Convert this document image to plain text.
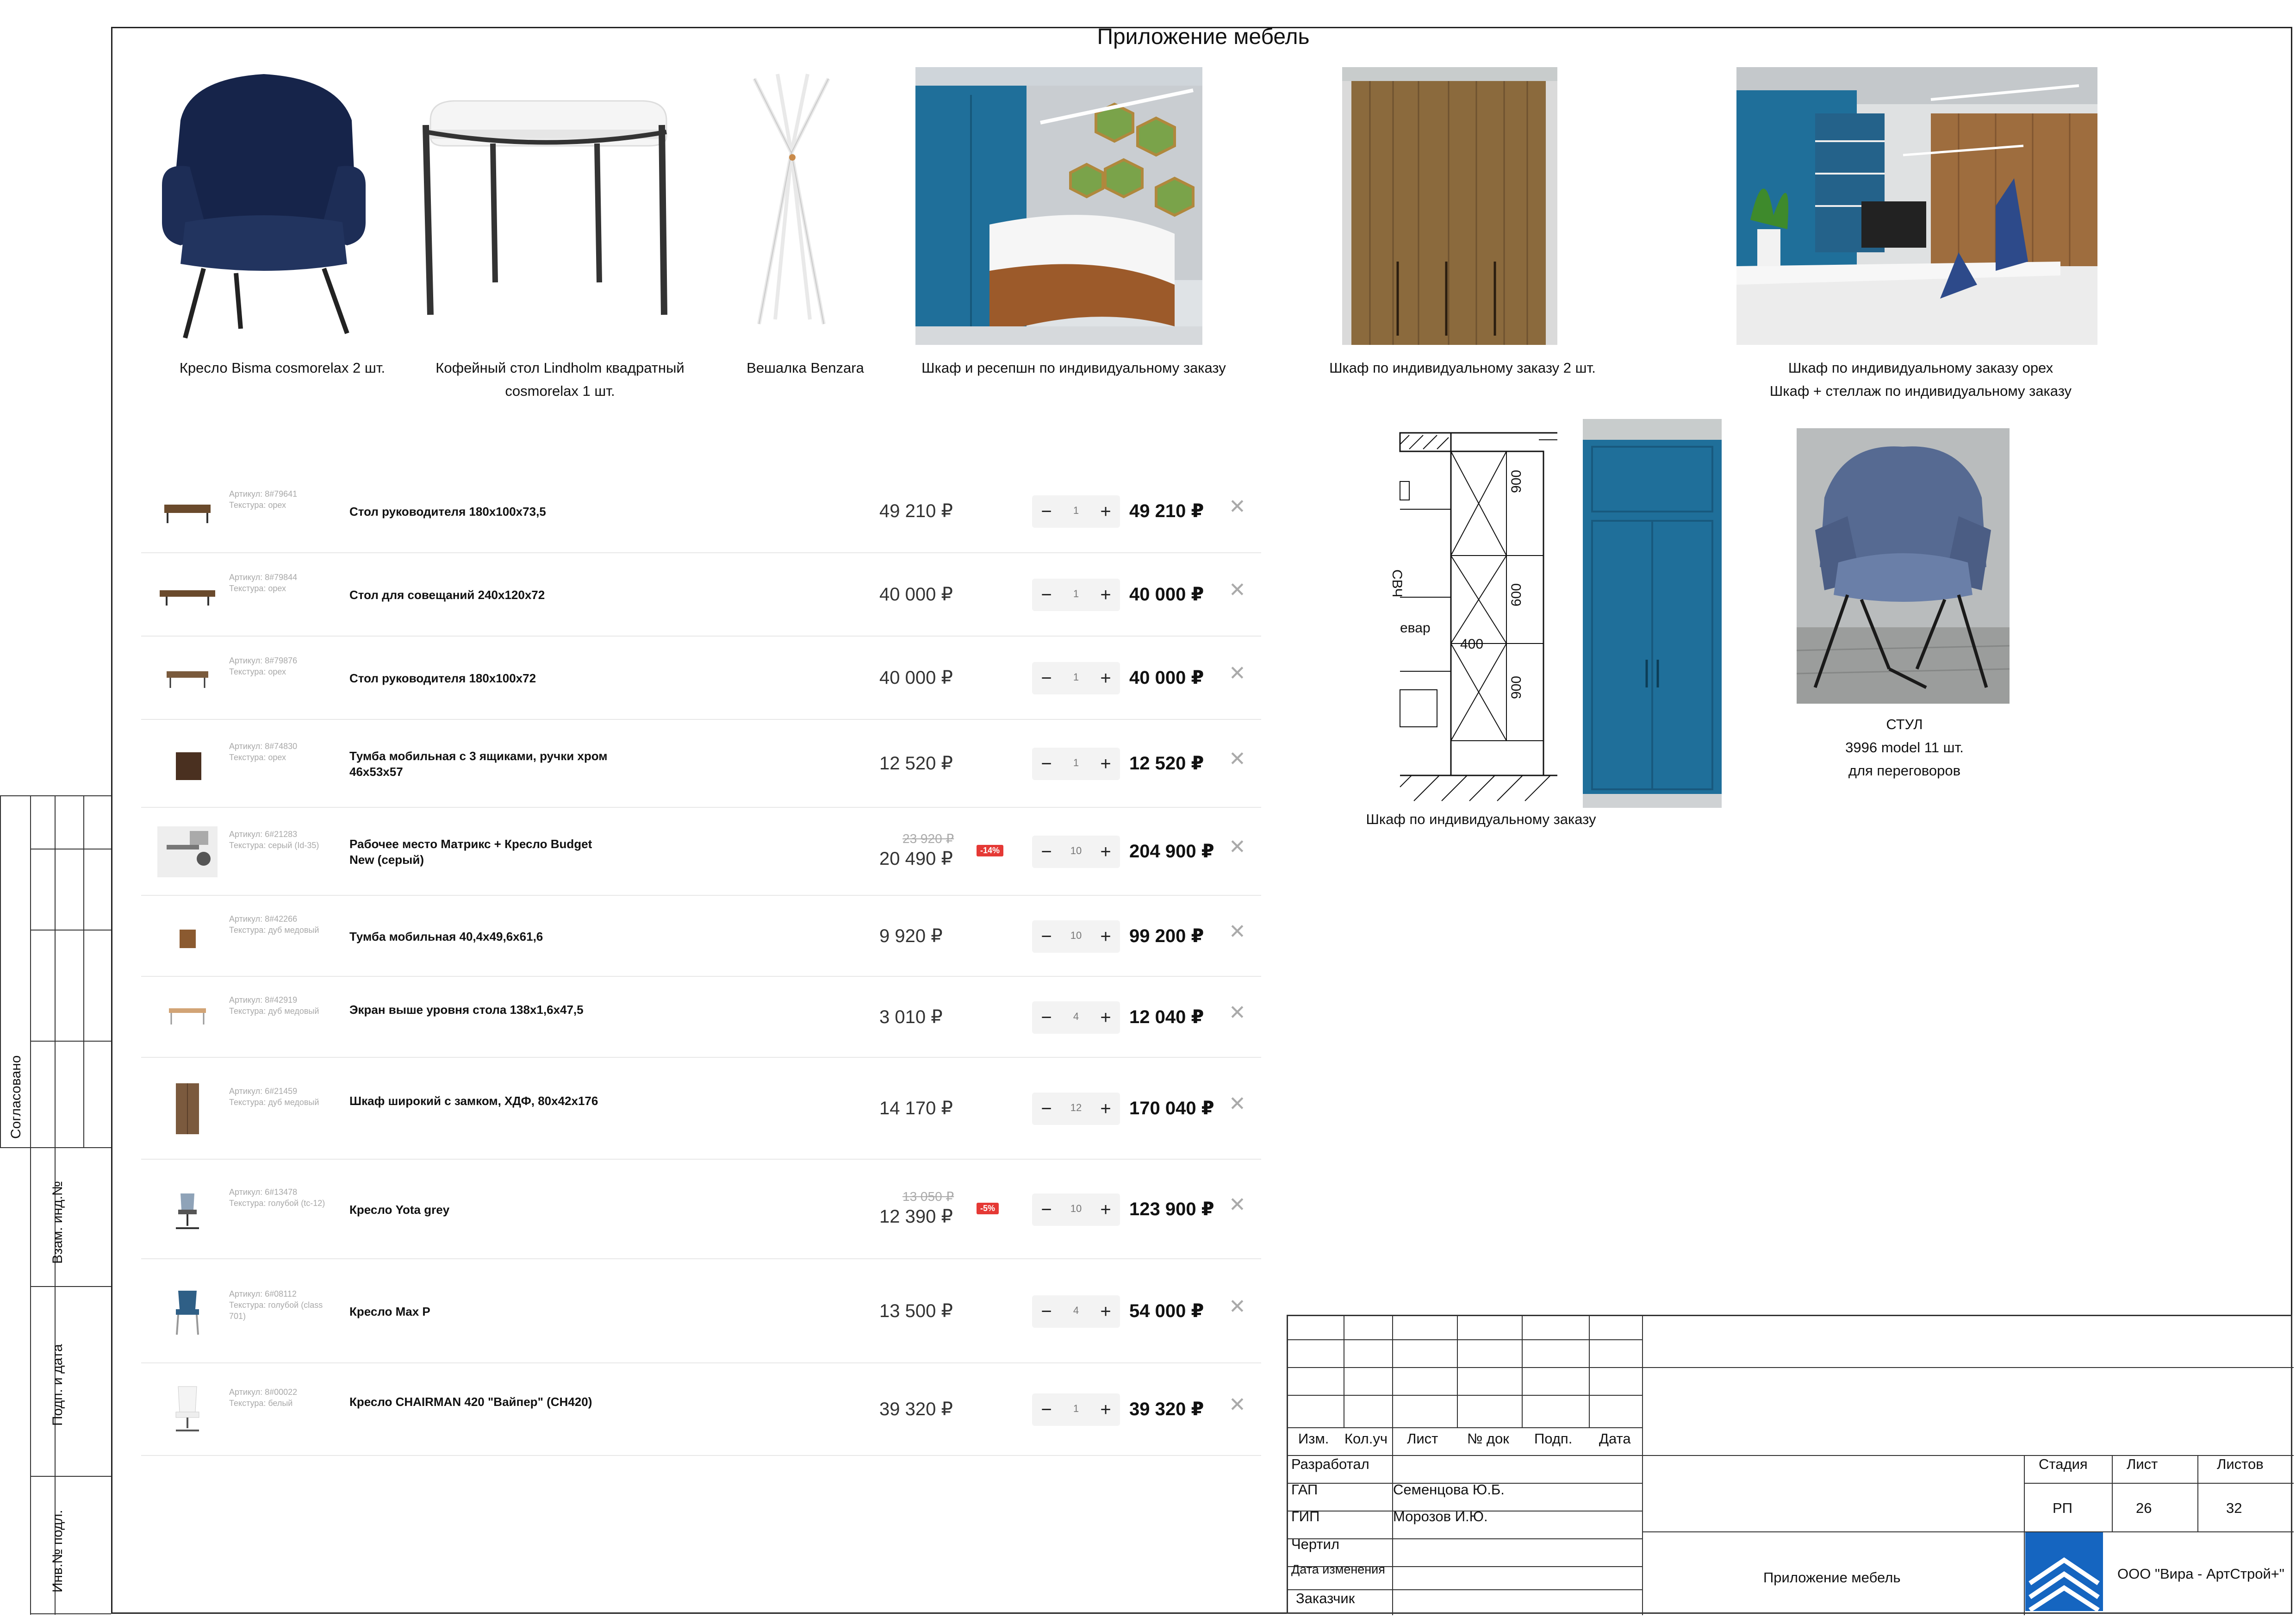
Приложение мебель
900
600
900
400
СВЧ
евар
Кресло Bisma cosmorelax 2 шт.	Кофейный стол Lindholm квадратный
cosmorelax 1 шт.
Вешалка Benzara	Шкаф и ресепшн по индивидуальному заказу	Шкаф по индивидуальному заказу 2 шт.	Шкаф по индивидуальному заказу орех
Шкаф + стеллаж по индивидуальному заказу
Шкаф по индивидуальному заказу
СТУЛ
3996 model 11 шт.
для переговоров
Артикул: 8#79641
Текстура: орех	Стол руководителя 180х100х73,5	49 210 ₽	−	1	+ 49 210 ₽ ✕
Артикул: 8#79844
Текстура: орех	Стол для совещаний 240х120х72	40 000 ₽	−	1	+ 40 000 ₽ ✕
Артикул: 8#79876
Текстура: орех	Стол руководителя 180х100х72	40 000 ₽	−	1	+ 40 000 ₽ ✕
Артикул: 8#74830
Текстура: орех	Тумба мобильная с 3 ящиками, ручки хром 46х53х57	12 520 ₽	−	1	+ 12 520 ₽ ✕
Артикул: 6#21283
Текстура: серый (Id-35)	Рабочее место Матрикс + Кресло Budget New (серый)
23 920 ₽
20 490 ₽	-14%	−	10	+ 204 900 ₽ ✕
Артикул: 8#42266
Текстура: дуб медовый	Тумба мобильная 40,4х49,6х61,6	9 920 ₽	−	10	+ 99 200 ₽ ✕
Артикул: 8#42919
Текстура: дуб медовый	Экран выше уровня стола 138х1,6х47,5	3 010 ₽	−	4	+ 12 040 ₽ ✕
Артикул: 6#21459
Текстура: дуб медовый	Шкаф широкий с замком, ХДФ, 80х42х176	14 170 ₽	−	12	+ 170 040 ₽ ✕
Артикул: 6#13478
Текстура: голубой (tc-12)	Кресло Yota grey
13 050 ₽
12 390 ₽	-5%	−	10	+ 123 900 ₽ ✕
Артикул: 6#08112
Текстура: голубой (class 701)	Кресло Max P	13 500 ₽	−	4	+ 54 000 ₽ ✕
Артикул: 8#00022
Текстура: белый	Кресло CHAIRMAN 420 "Вайпер" (CH420)	39 320 ₽	−	1	+ 39 320 ₽ ✕
Согласовано
Взам. инд.№
Подп. и дата
Инв.№ подл.
Изм. Кол.уч Лист № док Подп. Дата
Разработал
ГАП	Семенцова Ю.Б.
ГИП	Морозов И.Ю.
Чертил
Дата изменения
Заказчик
Стадия	Лист	Листов
РП	26	32
Приложение мебель	ООО "Вира - АртСтрой+"
